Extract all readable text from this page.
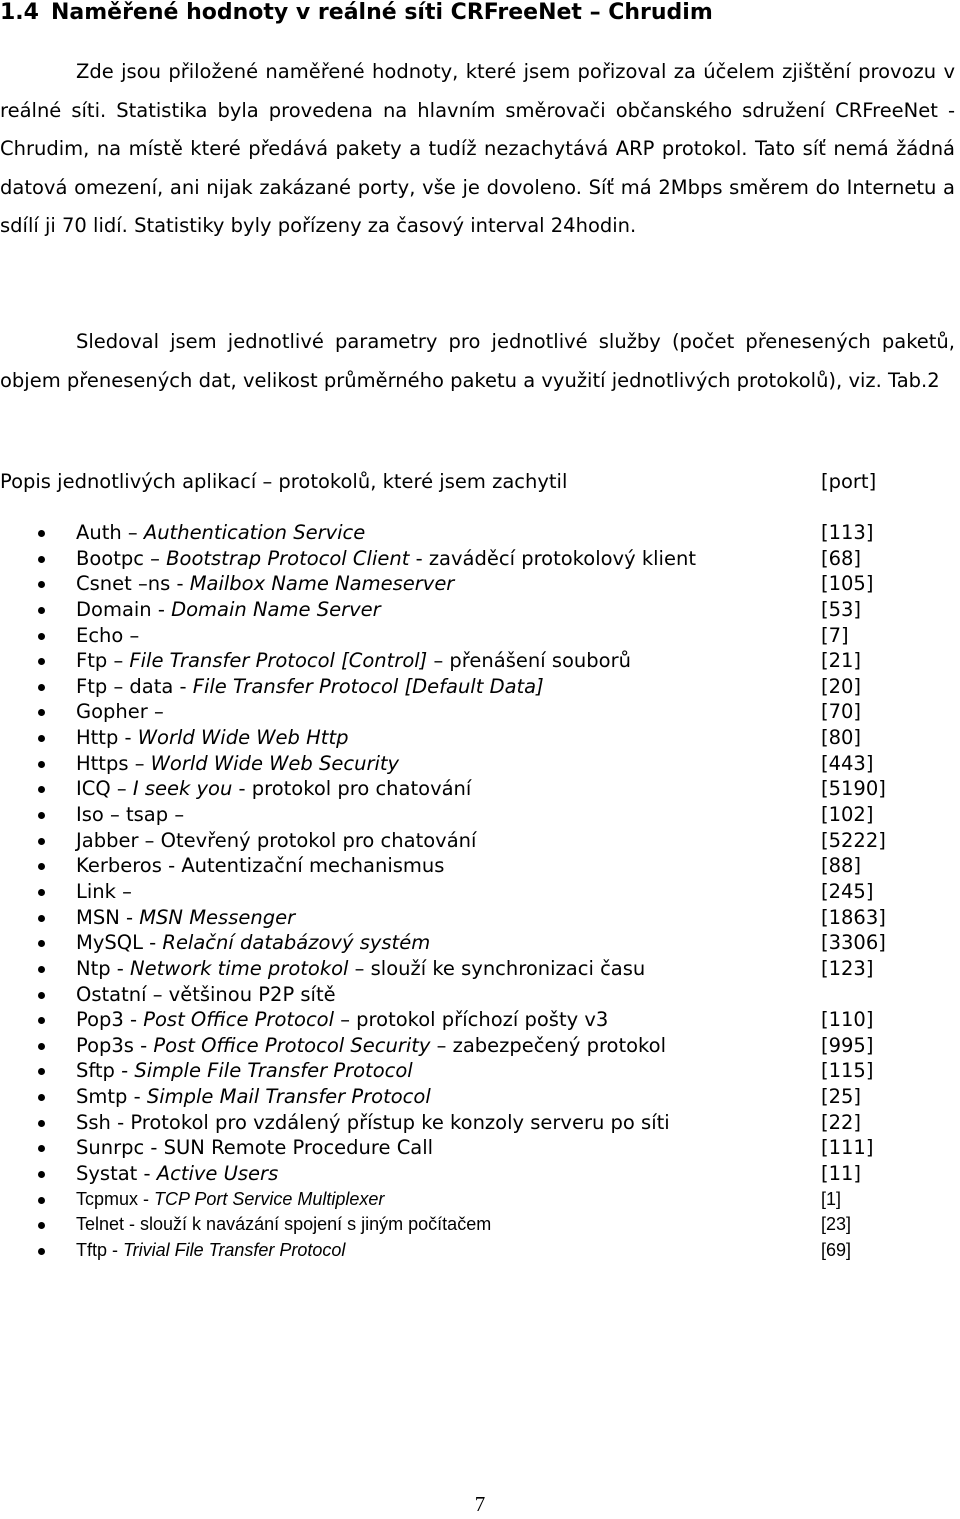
1.4 Naměřené hodnoty v reálné síti CRFreeNet – Chrudim

Zde jsou přiložené naměřené hodnoty, které jsem pořizoval za účelem zjištění provozu v reálné síti. Statistika byla provedena na hlavním směrovači občanského sdružení CRFreeNet - Chrudim, na místě které předává pakety a tudíž nezachytává ARP protokol. Tato síť nemá žádná datová omezení, ani nijak zakázané porty, vše je dovoleno. Síť má 2Mbps směrem do Internetu a sdílí ji 70 lidí. Statistiky byly pořízeny za časový interval 24hodin.

Sledoval jsem jednotlivé parametry pro jednotlivé služby (počet přenesených paketů, objem přenesených dat, velikost průměrného paketu a využití jednotlivých protokolů), viz. Tab.2

Popis jednotlivých aplikací – protokolů, které jsem zachytil	[port]
Auth – Authentication Service	[113]
Bootpc – Bootstrap Protocol Client - zaváděcí protokolový klient	[68]
Csnet –ns - Mailbox Name Nameserver	[105]
Domain - Domain Name Server	[53]
Echo –	[7]
Ftp – File Transfer Protocol [Control] – přenášení souborů	[21]
Ftp – data - File Transfer Protocol [Default Data]	[20]
Gopher –	[70]
Http - World Wide Web Http	[80]
Https – World Wide Web Security	[443]
ICQ – I seek you - protokol pro chatování	[5190]
Iso – tsap –	[102]
Jabber – Otevřený protokol pro chatování	[5222]
Kerberos - Autentizační mechanismus	[88]
Link –	[245]
MSN - MSN Messenger	[1863]
MySQL - Relační databázový systém	[3306]
Ntp - Network time protokol – slouží ke synchronizaci času	[123]
Ostatní – většinou P2P sítě
Pop3 - Post Office Protocol – protokol příchozí pošty v3	[110]
Pop3s - Post Office Protocol Security – zabezpečený protokol	[995]
Sftp - Simple File Transfer Protocol	[115]
Smtp - Simple Mail Transfer Protocol	[25]
Ssh - Protokol pro vzdálený přístup ke konzoly serveru po síti	[22]
Sunrpc - SUN Remote Procedure Call	[111]
Systat - Active Users	[11]
Tcpmux - TCP Port Service Multiplexer	[1]
Telnet - slouží k navázání spojení s jiným počítačem	[23]
Tftp - Trivial File Transfer Protocol	[69]
7
